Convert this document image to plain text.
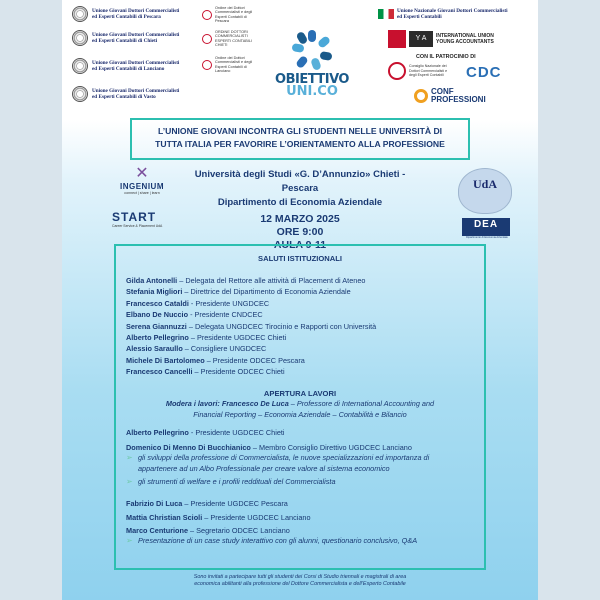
Unione Giovani Dottori Commercialisti
ed Esperti Contabili di Pescara
Unione Giovani Dottori Commercialisti
ed Esperti Contabili di Chieti
Unione Giovani Dottori Commercialisti
ed Esperti Contabili di Lanciano
Unione Giovani Dottori Commercialisti
ed Esperti Contabili di Vasto
Ordine dei Dottori Commercialisti e degli Esperti Contabili di Pescara
ORDINE DOTTORI COMMERCIALISTI ESPERTI CONTABILI CHIETI
Ordine dei Dottori Commercialisti e degli Esperti Contabili di Lanciano
OBIETTIVO
UNI.CO
Unione Nazionale Giovani Dottori Commercialisti
ed Esperti Contabili
Y A	INTERNATIONAL UNION
YOUNG ACCOUNTANTS
CON IL PATROCINIO DI
Consiglio Nazionale dei Dottori Commercialisti e degli Esperti Contabili	CDC
CONF
PROFESSIONI
L’UNIONE GIOVANI INCONTRA GLI STUDENTI NELLE UNIVERSITÀ DI
TUTTA ITALIA PER FAVORIRE L’ORIENTAMENTO ALLA PROFESSIONE
✕
INGENIUM
connect | share | learn
START
Career Service & Placement UdA
UdA
DEA
Dipartimento di Economia Aziendale
Università degli Studi «G. D’Annunzio» Chieti - Pescara
Dipartimento di Economia Aziendale
12 MARZO 2025
ORE 9:00
AULA 9-11
SALUTI ISTITUZIONALI
Gilda Antonelli – Delegata del Rettore alle attività di Placement di Ateneo
Stefania Migliori – Direttrice del Dipartimento di Economia Aziendale
Francesco Cataldi - Presidente UNGDCEC
Elbano De Nuccio - Presidente CNDCEC
Serena Giannuzzi – Delegata UNGDCEC Tirocinio e Rapporti con Università
Alberto Pellegrino – Presidente UGDCEC Chieti
Alessio Saraullo – Consigliere UNGDCEC
Michele Di Bartolomeo – Presidente ODCEC Pescara
Francesco Cancelli – Presidente ODCEC Chieti
APERTURA LAVORI
Modera i lavori: Francesco De Luca – Professore di International Accounting and
Financial Reporting – Economia Aziendale – Contabilità e Bilancio
Alberto Pellegrino - Presidente UGDCEC Chieti
Domenico Di Menno Di Bucchianico – Membro Consiglio Direttivo UGDCEC Lanciano
➢ gli sviluppi della professione di Commercialista, le nuove specializzazioni ed importanza di
appartenere ad un Albo Professionale per creare valore al sistema economico
➢ gli strumenti di welfare e i profili reddituali del Commercialista
Fabrizio Di Luca – Presidente UGDCEC Pescara
Mattia Christian Scioli – Presidente UGDCEC Lanciano
Marco Centurione – Segretario ODCEC Lanciano
➢ Presentazione di un case study interattivo con gli alunni, questionario conclusivo, Q&A
Sono invitati a partecipare tutti gli studenti dei Corsi di Studio triennali e magistrali di area
economica abilitanti alla professione del Dottore Commercialista e dell’Esperto Contabile
